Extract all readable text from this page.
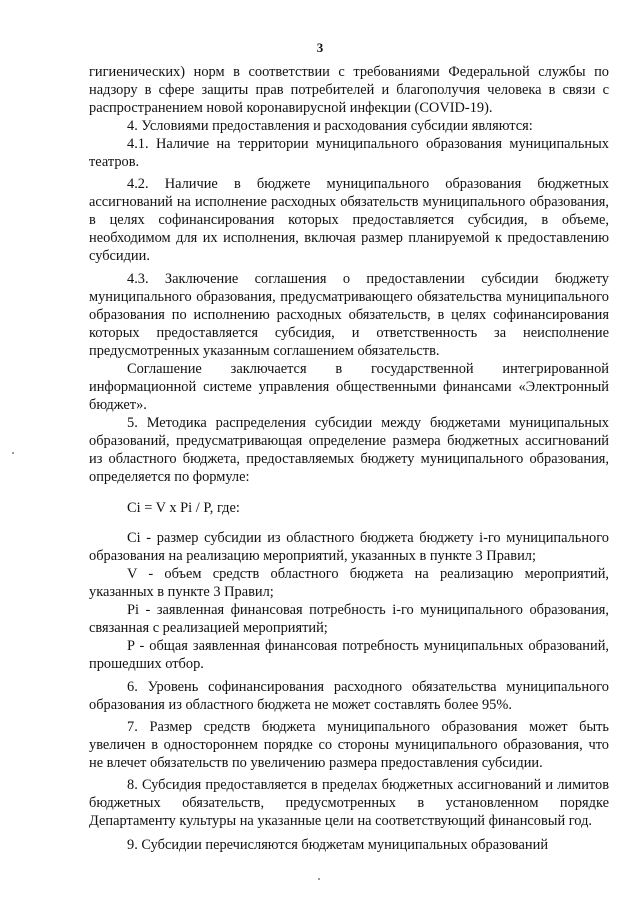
3

гигиенических) норм в соответствии с требованиями Федеральной службы по надзору в сфере защиты прав потребителей и благополучия человека в связи с распространением новой коронавирусной инфекции (COVID-19).

4. Условиями предоставления и расходования субсидии являются:

4.1. Наличие на территории муниципального образования муниципальных театров.

4.2. Наличие в бюджете муниципального образования бюджетных ассигнований на исполнение расходных обязательств муниципального образования, в целях софинансирования которых предоставляется субсидия, в объеме, необходимом для их исполнения, включая размер планируемой к предоставлению субсидии.

4.3. Заключение соглашения о предоставлении субсидии бюджету муниципального образования, предусматривающего обязательства муниципального образования по исполнению расходных обязательств, в целях софинансирования которых предоставляется субсидия, и ответственность за неисполнение предусмотренных указанным соглашением обязательств.

Соглашение заключается в государственной интегрированной информационной системе управления общественными финансами «Электронный бюджет».

5. Методика распределения субсидии между бюджетами муниципальных образований, предусматривающая определение размера бюджетных ассигнований из областного бюджета, предоставляемых бюджету муниципального образования, определяется по формуле:

Ci = V x Pi / P, где:

Ci - размер субсидии из областного бюджета бюджету i-го муниципального образования на реализацию мероприятий, указанных в пункте 3 Правил;

V - объем средств областного бюджета на реализацию мероприятий, указанных в пункте 3 Правил;

Pi - заявленная финансовая потребность i-го муниципального образования, связанная с реализацией мероприятий;

P - общая заявленная финансовая потребность муниципальных образований, прошедших отбор.

6. Уровень софинансирования расходного обязательства муниципального образования из областного бюджета не может составлять более 95%.

7. Размер средств бюджета муниципального образования может быть увеличен в одностороннем порядке со стороны муниципального образования, что не влечет обязательств по увеличению размера предоставления субсидии.

8. Субсидия предоставляется в пределах бюджетных ассигнований и лимитов бюджетных обязательств, предусмотренных в установленном порядке Департаменту культуры на указанные цели на соответствующий финансовый год.

9. Субсидии перечисляются бюджетам муниципальных образований
